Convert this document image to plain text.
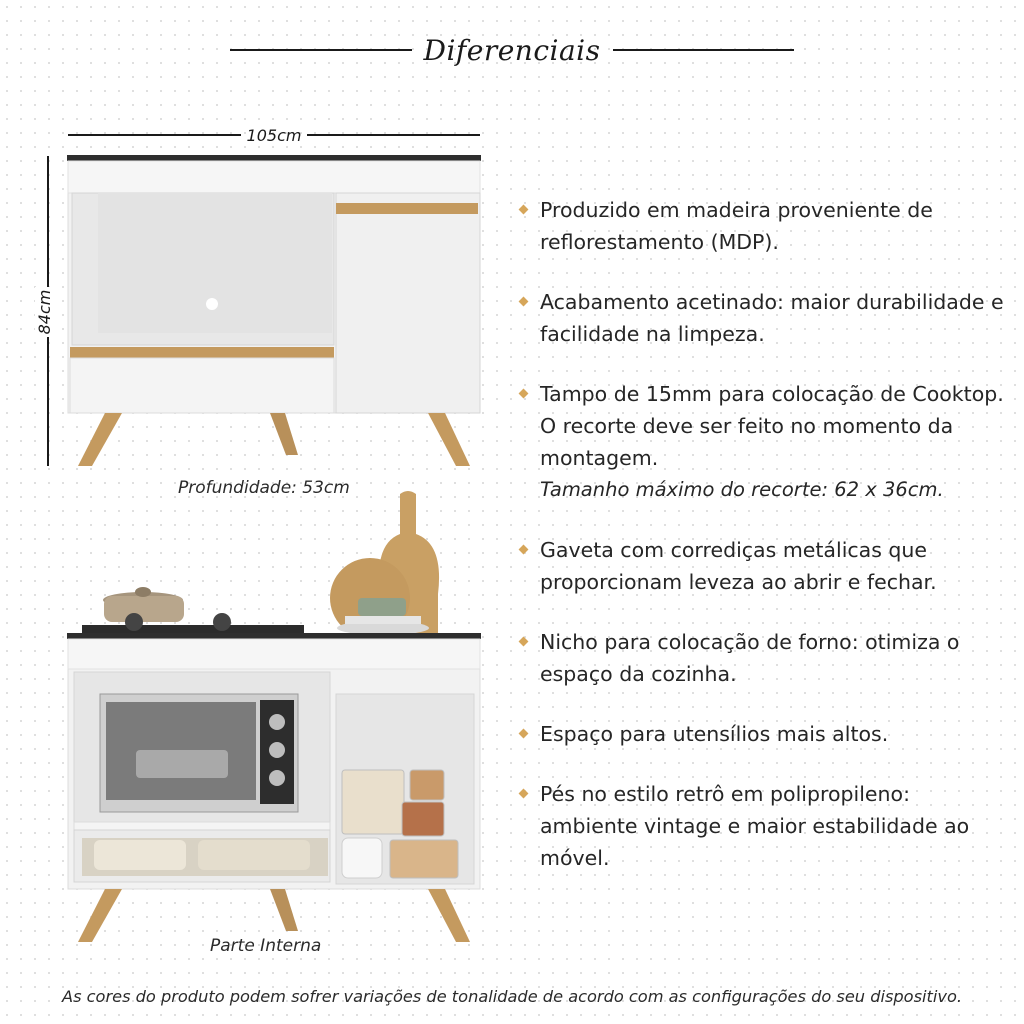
Diferenciais
105cm
84cm
Profundidade: 53cm
Parte Interna
Produzido em madeira proveniente de reflorestamento (MDP).
Acabamento acetinado: maior durabilidade e facilidade na limpeza.
Tampo de 15mm para colocação de Cooktop. O recorte deve ser feito no momento da montagem.
Tamanho máximo do recorte: 62 x 36cm.
Gaveta com corrediças metálicas que proporcionam leveza ao abrir e fechar.
Nicho para colocação de forno: otimiza o espaço da cozinha.
Espaço para utensílios mais altos.
Pés no estilo retrô em polipropileno: ambiente vintage e maior estabilidade ao móvel.
As cores do produto podem sofrer variações de tonalidade de acordo com as configurações do seu dispositivo.
